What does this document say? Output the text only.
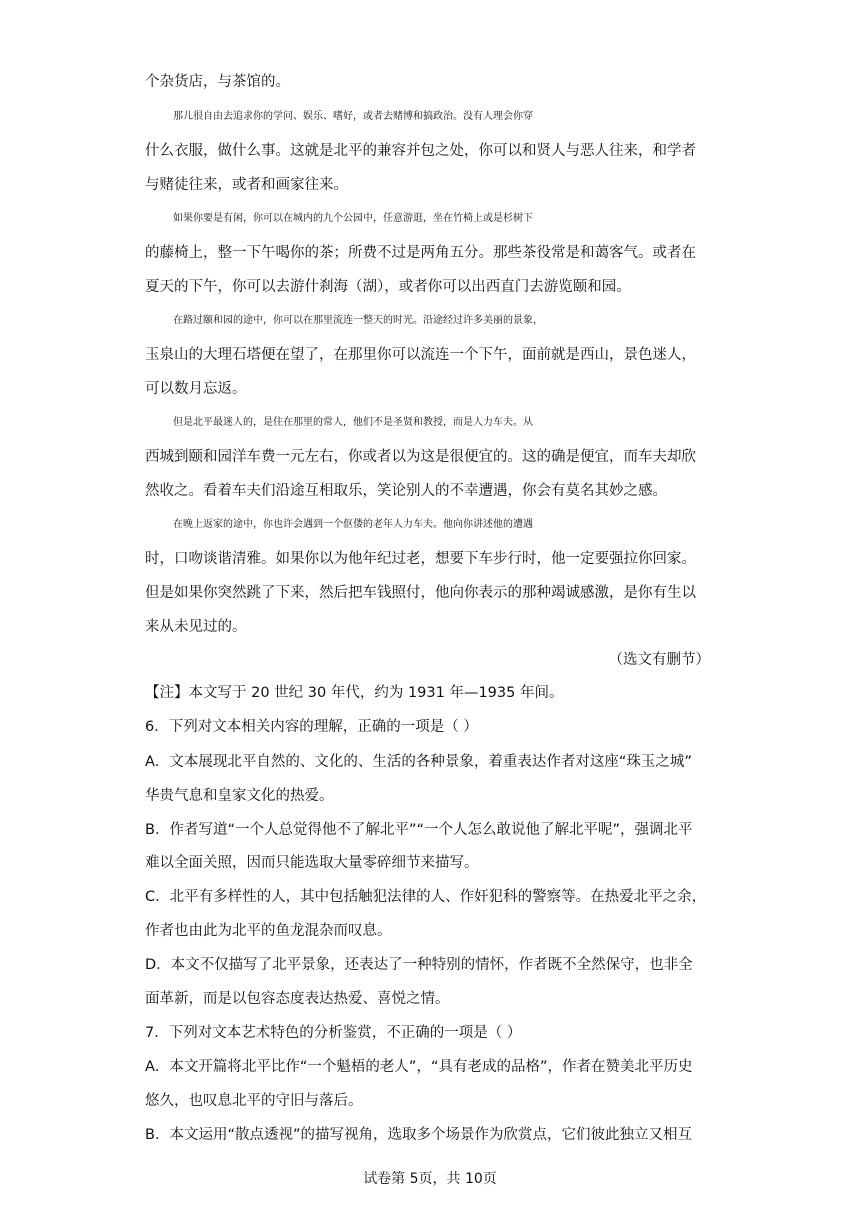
个杂货店，与茶馆的。
那儿很自由去追求你的学问、娱乐、嗜好，或者去赌博和搞政治。没有人理会你穿
什么衣服，做什么事。这就是北平的兼容并包之处，你可以和贤人与恶人往来，和学者
与赌徒往来，或者和画家往来。
如果你要是有闲，你可以在城内的九个公园中，任意游逛，坐在竹椅上或是杉树下
的藤椅上，整一下午喝你的茶；所费不过是两角五分。那些茶役常是和蔼客气。或者在
夏天的下午，你可以去游什刹海（湖），或者你可以出西直门去游览颐和园。
在路过颐和园的途中，你可以在那里流连一整天的时光。沿途经过许多美丽的景象，
玉泉山的大理石塔便在望了，在那里你可以流连一个下午，面前就是西山，景色迷人，
可以数月忘返。
但是北平最迷人的，是住在那里的常人，他们不是圣贤和教授，而是人力车夫。从
西城到颐和园洋车费一元左右，你或者以为这是很便宜的。这的确是便宜，而车夫却欣
然收之。看着车夫们沿途互相取乐，笑论别人的不幸遭遇，你会有莫名其妙之感。
在晚上返家的途中，你也许会遇到一个伛偻的老年人力车夫。他向你讲述他的遭遇
时，口吻谈谐清雅。如果你以为他年纪过老，想要下车步行时，他一定要强拉你回家。
但是如果你突然跳了下来，然后把车钱照付，他向你表示的那种竭诚感激，是你有生以
来从未见过的。
（选文有删节）
【注】本文写于 20 世纪 30 年代，约为 1931 年—1935 年间。
6．下列对文本相关内容的理解，正确的一项是（ ）
A．文本展现北平自然的、文化的、生活的各种景象，着重表达作者对这座“珠玉之城”
华贵气息和皇家文化的热爱。
B．作者写道“一个人总觉得他不了解北平”“一个人怎么敢说他了解北平呢”，强调北平
难以全面关照，因而只能选取大量零碎细节来描写。
C．北平有多样性的人，其中包括触犯法律的人、作奸犯科的警察等。在热爱北平之余，
作者也由此为北平的鱼龙混杂而叹息。
D．本文不仅描写了北平景象，还表达了一种特别的情怀，作者既不全然保守，也非全
面革新，而是以包容态度表达热爱、喜悦之情。
7．下列对文本艺术特色的分析鉴赏，不正确的一项是（ ）
A．本文开篇将北平比作“一个魁梧的老人”，“具有老成的品格”，作者在赞美北平历史
悠久，也叹息北平的守旧与落后。
B．本文运用“散点透视”的描写视角，选取多个场景作为欣赏点，它们彼此独立又相互
试卷第 5页，共 10页
